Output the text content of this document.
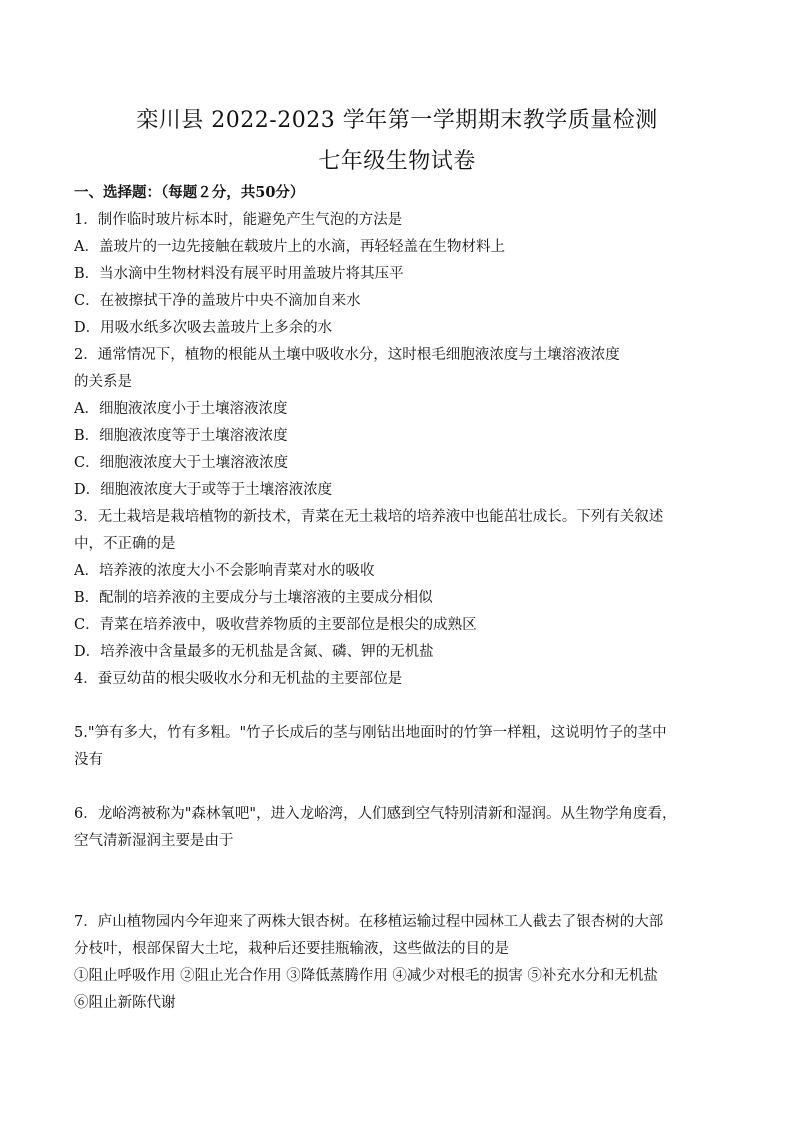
栾川县 2022-2023 学年第一学期期末教学质量检测
七年级生物试卷
一、选择题：（每题２分，共50分）
1．制作临时玻片标本时，能避免产生气泡的方法是
A．盖玻片的一边先接触在载玻片上的水滴，再轻轻盖在生物材料上
B．当水滴中生物材料没有展平时用盖玻片将其压平
C．在被擦拭干净的盖玻片中央不滴加自来水
D．用吸水纸多次吸去盖玻片上多余的水
2．通常情况下，植物的根能从土壤中吸收水分，这时根毛细胞液浓度与土壤溶液浓度
的关系是
A．细胞液浓度小于土壤溶液浓度
B．细胞液浓度等于土壤溶液浓度
C．细胞液浓度大于土壤溶液浓度
D．细胞液浓度大于或等于土壤溶液浓度
3．无土栽培是栽培植物的新技术，青菜在无土栽培的培养液中也能茁壮成长。下列有关叙述
中，不正确的是
A．培养液的浓度大小不会影响青菜对水的吸收
B．配制的培养液的主要成分与土壤溶液的主要成分相似
C．青菜在培养液中，吸收营养物质的主要部位是根尖的成熟区
D．培养液中含量最多的无机盐是含氮、磷、钾的无机盐
4．蚕豆幼苗的根尖吸收水分和无机盐的主要部位是
5."笋有多大，竹有多粗。"竹子长成后的茎与刚钻出地面时的竹笋一样粗，这说明竹子的茎中
没有
6．龙峪湾被称为"森林氧吧"，进入龙峪湾，人们感到空气特别清新和湿润。从生物学角度看，
空气清新湿润主要是由于
7．庐山植物园内今年迎来了两株大银杏树。在移植运输过程中园林工人截去了银杏树的大部
分枝叶，根部保留大土坨，栽种后还要挂瓶输液，这些做法的目的是
①阻止呼吸作用 ②阻止光合作用 ③降低蒸腾作用 ④减少对根毛的损害 ⑤补充水分和无机盐
⑥阻止新陈代谢
